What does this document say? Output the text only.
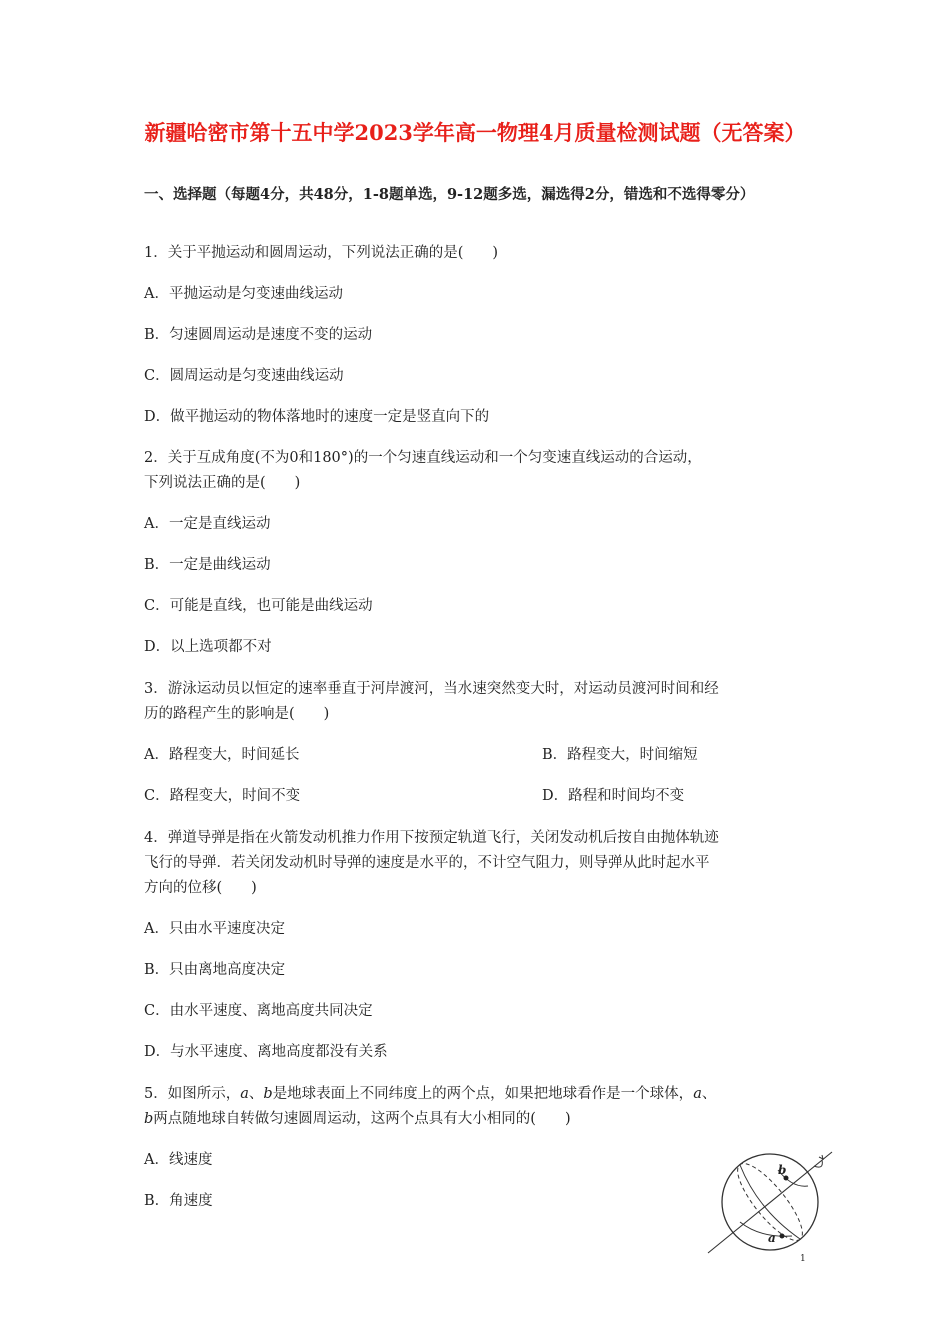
新疆哈密市第十五中学2023学年高一物理4月质量检测试题（无答案）
一、选择题（每题4分，共48分，1-8题单选，9-12题多选，漏选得2分，错选和不选得零分）
1．关于平抛运动和圆周运动，下列说法正确的是(　　)
A．平抛运动是匀变速曲线运动
B．匀速圆周运动是速度不变的运动
C．圆周运动是匀变速曲线运动
D．做平抛运动的物体落地时的速度一定是竖直向下的
2．关于互成角度(不为0和180°)的一个匀速直线运动和一个匀变速直线运动的合运动，
下列说法正确的是(　　)
A．一定是直线运动
B．一定是曲线运动
C．可能是直线，也可能是曲线运动
D．以上选项都不对
3．游泳运动员以恒定的速率垂直于河岸渡河，当水速突然变大时，对运动员渡河时间和经
历的路程产生的影响是(　　)
A．路程变大，时间延长	B．路程变大，时间缩短
C．路程变大，时间不变	D．路程和时间均不变
4．弹道导弹是指在火箭发动机推力作用下按预定轨道飞行，关闭发动机后按自由抛体轨迹
飞行的导弹．若关闭发动机时导弹的速度是水平的，不计空气阻力，则导弹从此时起水平
方向的位移(　　)
A．只由水平速度决定
B．只由离地高度决定
C．由水平速度、离地高度共同决定
D．与水平速度、离地高度都没有关系
5．如图所示，a、b是地球表面上不同纬度上的两个点，如果把地球看作是一个球体，a、
b两点随地球自转做匀速圆周运动，这两个点具有大小相同的(　　)
A．线速度
B．角速度
b
a
1
